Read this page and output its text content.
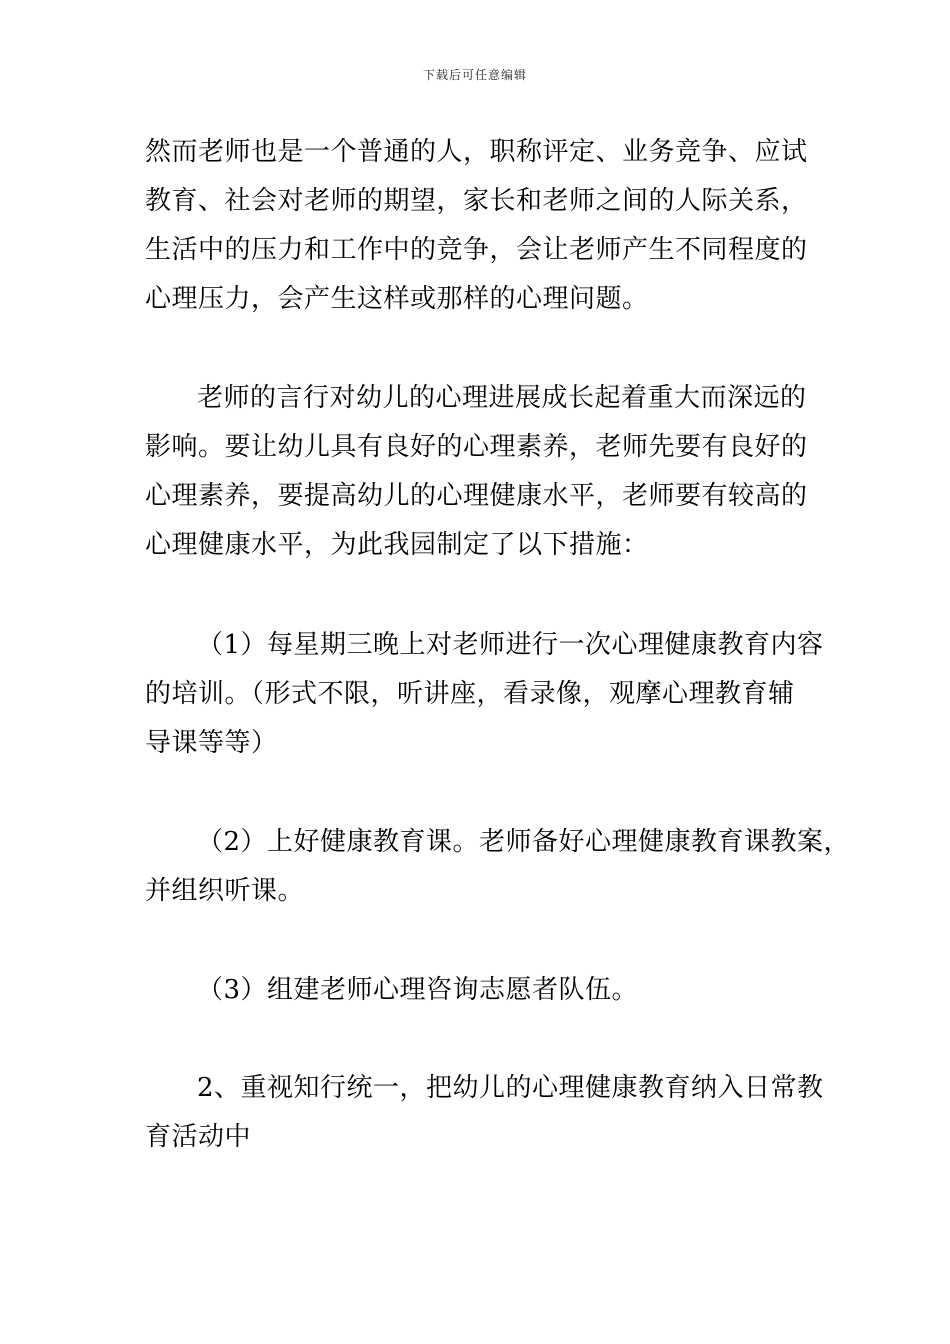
下载后可任意编辑
然而老师也是一个普通的人，职称评定、业务竞争、应试
教育、社会对老师的期望，家长和老师之间的人际关系，
生活中的压力和工作中的竞争，会让老师产生不同程度的
心理压力，会产生这样或那样的心理问题。
老师的言行对幼儿的心理进展成长起着重大而深远的
影响。要让幼儿具有良好的心理素养，老师先要有良好的
心理素养，要提高幼儿的心理健康水平，老师要有较高的
心理健康水平，为此我园制定了以下措施：
（1）每星期三晚上对老师进行一次心理健康教育内容
的培训。（形式不限，听讲座，看录像，观摩心理教育辅
导课等等）
（2）上好健康教育课。老师备好心理健康教育课教案，
并组织听课。
（3）组建老师心理咨询志愿者队伍。
2、重视知行统一，把幼儿的心理健康教育纳入日常教
育活动中
